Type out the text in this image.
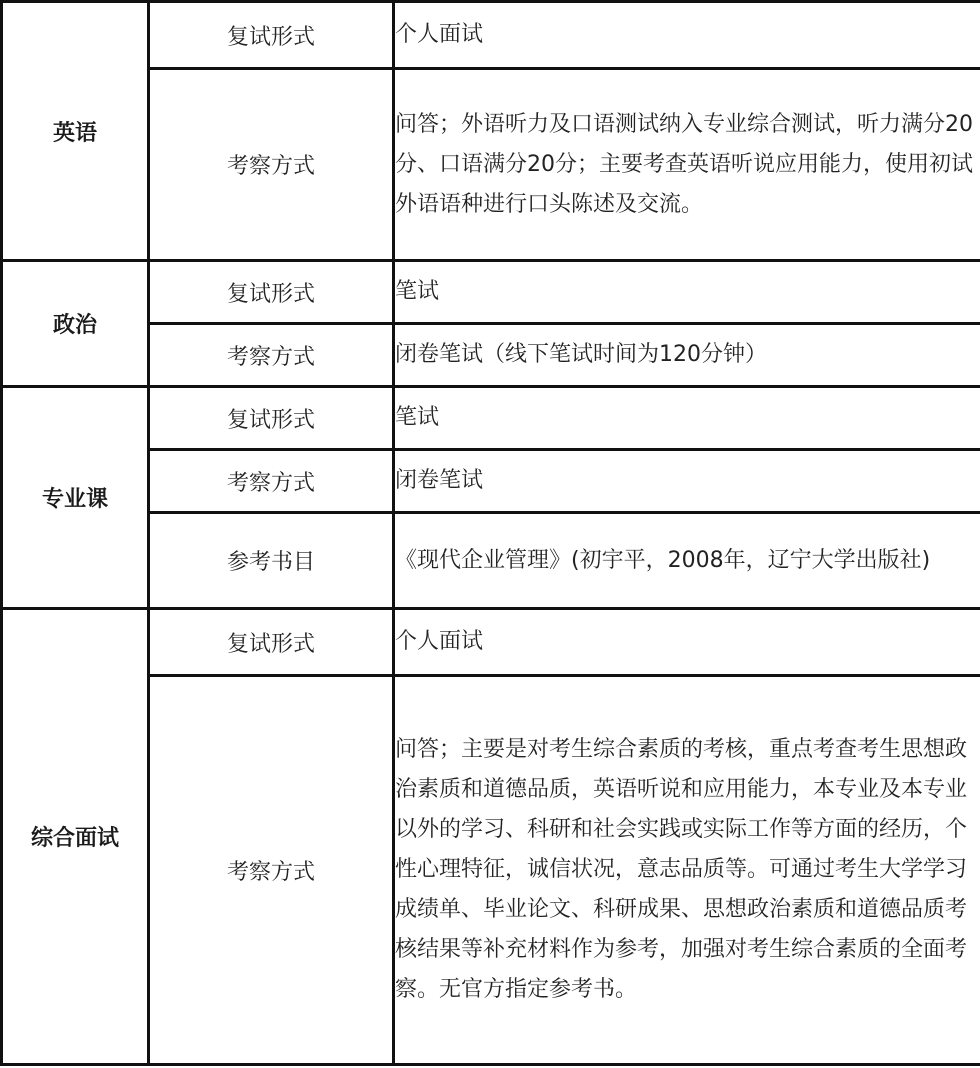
英语	复试形式	个人面试
	考察方式	问答；外语听力及口语测试纳入专业综合测试，听力满分20分、口语满分20分；主要考查英语听说应用能力，使用初试外语语种进行口头陈述及交流。
政治	复试形式	笔试
	考察方式	闭卷笔试（线下笔试时间为120分钟）
专业课	复试形式	笔试
	考察方式	闭卷笔试
	参考书目	《现代企业管理》(初宇平，2008年，辽宁大学出版社)
综合面试	复试形式	个人面试
	考察方式	问答；主要是对考生综合素质的考核，重点考查考生思想政治素质和道德品质，英语听说和应用能力，本专业及本专业以外的学习、科研和社会实践或实际工作等方面的经历，个性心理特征，诚信状况，意志品质等。可通过考生大学学习成绩单、毕业论文、科研成果、思想政治素质和道德品质考核结果等补充材料作为参考，加强对考生综合素质的全面考察。无官方指定参考书。
